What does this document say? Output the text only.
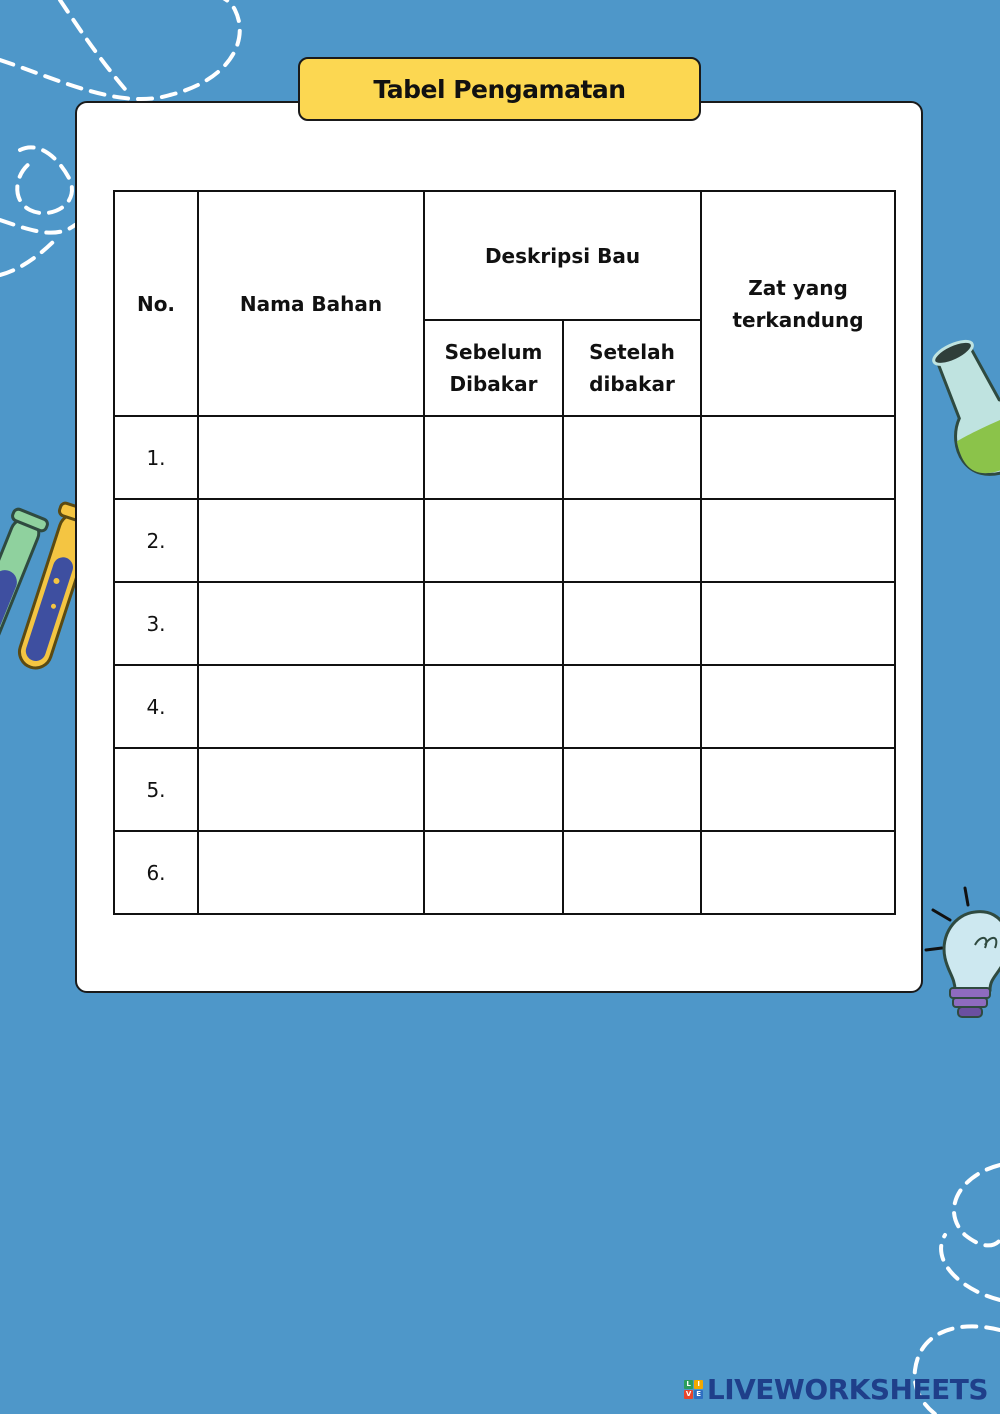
Tabel Pengamatan
No.	Nama Bahan	Deskripsi Bau		Zat yang terkandung

		Sebelum Dibakar	Setelah dibakar	

1.				
2.				
3.				
4.				
5.				
6.				
L I
V E LIVEWORKSHEETS
